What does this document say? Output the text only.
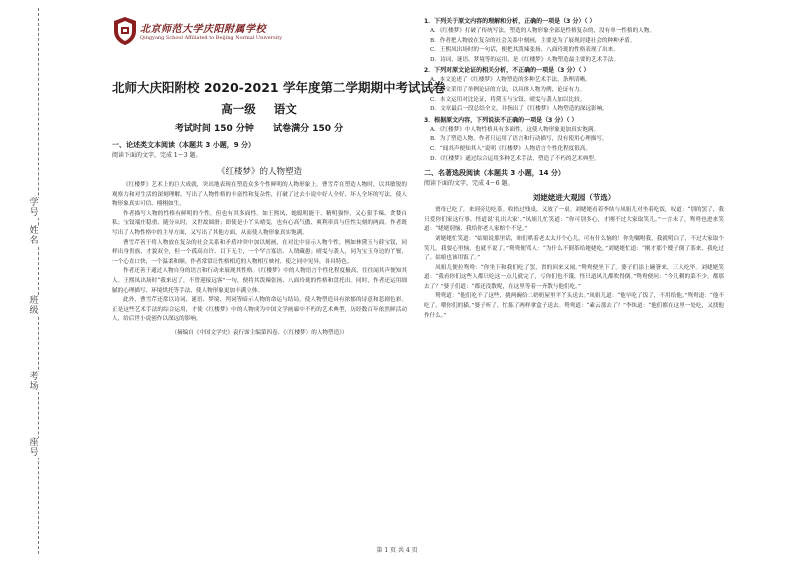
学号
姓名
班级
考场
座号
北京师范大学庆阳附属学校
Qingyang School Affiliated to Beijing Normal University
北师大庆阳附校 2020-2021 学年度第二学期期中考试试卷
高一级 语文
考试时间 150 分钟 试卷满分 150 分
一、论述类文本阅读（本题共 3 小题，9 分）
阅读下面的文字，完成 1～3 题。
《红楼梦》的人物塑造

《红楼梦》艺术上的巨大成就，突出地表现在塑造众多个性鲜明的人物形象上。曹雪芹在塑造人物时，以其敏锐的观察力和对生活的深刻理解，写出了人物性格的丰富性和复杂性，打破了过去小说中好人全好、坏人全坏的写法，使人物形象真实可信、栩栩如生。

作者描写人物的性格有鲜明的个性，但也有其多面性。如王熙凤，她聪明能干、精明强悍，又心狠手辣、贪婪自私；宝钗端庄稳重、随分从时，又世故圆滑；即使是小丫头晴雯，也有心高气傲、爽利率真与任性尖刻的两面。作者既写出了人物性格中的主导方面，又写出了其他方面，从而使人物形象真实饱满。

曹雪芹善于将人物放在复杂的社会关系和矛盾冲突中加以刻画，在对比中显示人物个性。例如林黛玉与薛宝钗，同样出身贵族、才貌双全，但一个孤高自许、目下无尘，一个罕言寡语、人谓藏愚；晴雯与袭人，同为宝玉身边的丫鬟，一个心直口快，一个温柔和顺。作者常常让性格相近的人物相互映衬，使之同中见异，各具特色。

作者还善于通过人物自身的语言和行动来展现其性格。《红楼梦》中的人物语言个性化程度极高，往往闻其声便知其人。王熙凤出场时“我来迟了，不曾迎接远客”一句，便将其泼辣张扬、八面玲珑的性格和盘托出。同时，作者还运用细腻的心理描写、环境烘托等手法，使人物形象更加丰满立体。

此外，曹雪芹还常以诗词、谜语、梦境、判词等暗示人物的命运与结局，使人物塑造具有浓郁的诗意和悲剧色彩。正是这些艺术手法的综合运用，才使《红楼梦》中的人物成为中国文学画廊中不朽的艺术典型，历经数百年依然鲜活动人，给后世小说创作以深远的影响。

（摘编自《中国文学史》袁行霈主编第四卷、《〈红楼梦〉的人物塑造》）
1．下列关于原文内容的理解和分析，正确的一项是（3 分）（ ）

A．《红楼梦》打破了传统写法，塑造的人物形象全部是性格复杂的，没有单一性格的人物。

B．作者把人物放在复杂的社会关系中刻画，主要是为了展现封建社会的种种矛盾。

C．王熙凤出场时的一句话，便把其泼辣张扬、八面玲珑的性格表现了出来。

D．诗词、谜语、梦境等的运用，是《红楼梦》人物塑造最主要的艺术手法。

2．下列对原文论证的相关分析，不正确的一项是（3 分）（ ）

A．本文论述了《红楼梦》人物塑造的多种艺术手法，条理清晰。

B．本文采用了举例论证的方法，以具体人物为例，论证有力。

C．本文运用对比论证，将黛玉与宝钗、晴雯与袭人加以比较。

D．文章最后一段总结全文，并指出了《红楼梦》人物塑造的深远影响。

3．根据原文内容，下列说法不正确的一项是（3 分）（ ）

A．《红楼梦》中人物性格具有多面性，这使人物形象更加真实饱满。

B．为了塑造人物，作者只运用了语言和行动描写，没有使用心理描写。

C．“闻其声便知其人”说明《红楼梦》人物语言个性化程度很高。

D．《红楼梦》通过综合运用多种艺术手法，塑造了不朽的艺术典型。

二、名著选段阅读（本题共 3 小题，14 分）
阅读下面的文字，完成 4～6 题。
刘姥姥进大观园（节选）

贾母已吃了，来到旁边吃茶。收拾过残桌，又放了一桌。刘姥姥看着李纨与凤姐儿对坐着吃饭，叹道：“别的罢了，我只爱你们家这行事。怪道说‘礼出大家’。”凤姐儿忙笑道：“你可别多心，才刚不过大家取笑儿。”一言未了，鸳鸯也进来笑道：“姥姥别恼，我给你老人家赔个不是。”

刘姥姥忙笑道：“姑娘说那里话，咱们哄着老太太开个心儿，可有什么恼的！你先嘱咐我，我就明白了，不过大家取个笑儿。我要心里恼，也就不说了。”鸳鸯便骂人：“为什么不倒茶给姥姥吃。”刘姥姥忙道：“刚才那个嫂子倒了茶来，我吃过了。姑娘也该用饭了。”

凤姐儿便拉鸳鸯：“你坐下和我们吃了罢，省的回来又闹。”鸳鸯便坐下了。婆子们添上碗箸来，三人吃毕。刘姥姥笑道：“我看你们这些人都只吃这一点儿就完了，亏你们也不饿，怪只道风儿都吹得倒。”鸳鸯便问：“今儿剩的菜不少，都那去了？”婆子们道：“都还没散呢，在这里等着一齐散与他们吃。”

鸳鸯道：“他们吃不了这些，挑两碗给二奶奶屋里平丫头送去。”凤姐儿道：“他早吃了饭了，不用给他。”鸳鸯道：“他不吃了，喂你们的猫。”婆子听了，忙拣了两样拿盒子送去。鸳鸯道：“素云那去了？”李纨道：“他们都在这里一处吃，又找他作什么。”

第 1 页 共 4 页
